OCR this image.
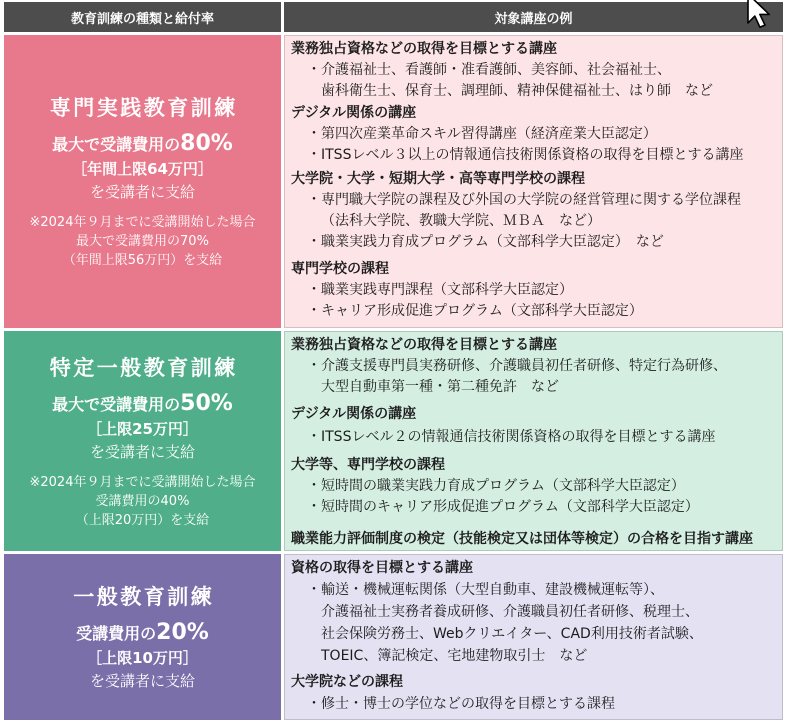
教育訓練の種類と給付率	対象講座の例
専門実践教育訓練
最大で受講費用の80%
［年間上限64万円］
を受講者に支給
※2024年９月までに受講開始した場合
最大で受講費用の70%
（年間上限56万円）を支給
業務独占資格などの取得を目標とする講座
・介護福祉士、看護師・准看護師、美容師、社会福祉士、
歯科衛生士、保育士、調理師、精神保健福祉士、はり師　など
デジタル関係の講座
・第四次産業革命スキル習得講座（経済産業大臣認定）
・ITSSレベル３以上の情報通信技術関係資格の取得を目標とする講座
大学院・大学・短期大学・高等専門学校の課程
・専門職大学院の課程及び外国の大学院の経営管理に関する学位課程
（法科大学院、教職大学院、ＭＢＡ　など）
・職業実践力育成プログラム（文部科学大臣認定）　など
専門学校の課程
・職業実践専門課程（文部科学大臣認定）
・キャリア形成促進プログラム（文部科学大臣認定）
特定一般教育訓練
最大で受講費用の50%
［上限25万円］
を受講者に支給
※2024年９月までに受講開始した場合
受講費用の40%
（上限20万円）を支給
業務独占資格などの取得を目標とする講座
・介護支援専門員実務研修、介護職員初任者研修、特定行為研修、
大型自動車第一種・第二種免許　など
デジタル関係の講座
・ITSSレベル２の情報通信技術関係資格の取得を目標とする講座
大学等、専門学校の課程
・短時間の職業実践力育成プログラム（文部科学大臣認定）
・短時間のキャリア形成促進プログラム（文部科学大臣認定）
職業能力評価制度の検定（技能検定又は団体等検定）の合格を目指す講座
一般教育訓練
受講費用の20%
［上限10万円］
を受講者に支給
資格の取得を目標とする講座
・輸送・機械運転関係（大型自動車、建設機械運転等）、
介護福祉士実務者養成研修、介護職員初任者研修、税理士、
社会保険労務士、Webクリエイター、CAD利用技術者試験、
TOEIC、簿記検定、宅地建物取引士　など
大学院などの課程
・修士・博士の学位などの取得を目標とする課程
